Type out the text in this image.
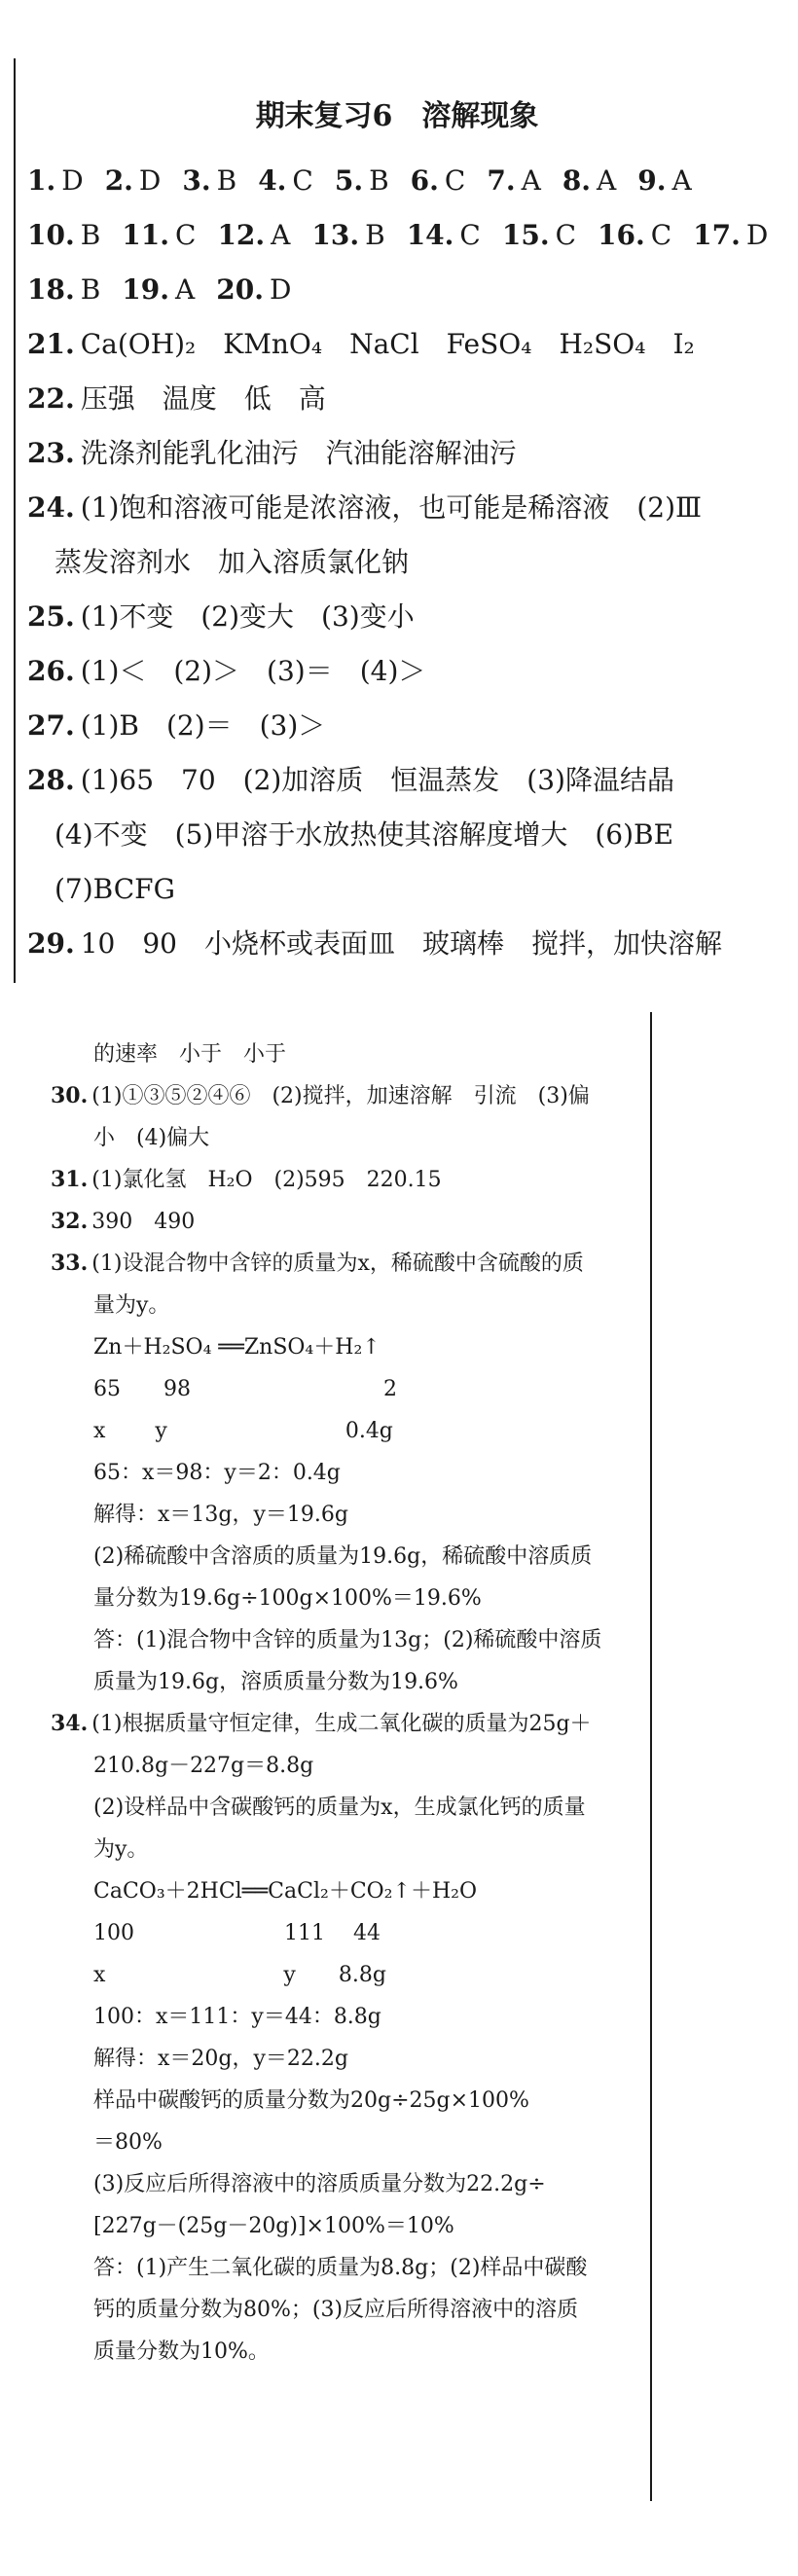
期末复习6　溶解现象
1. D 2. D 3. B 4. C 5. B 6. C 7. A 8. A 9. A
10. B 11. C 12. A 13. B 14. C 15. C 16. C 17. D
18. B 19. A 20. D
21. Ca(OH)₂　KMnO₄　NaCl　FeSO₄　H₂SO₄　I₂
22. 压强　温度　低　高
23. 洗涤剂能乳化油污　汽油能溶解油污
24. (1)饱和溶液可能是浓溶液，也可能是稀溶液　(2)Ⅲ
蒸发溶剂水　加入溶质氯化钠
25. (1)不变　(2)变大　(3)变小
26. (1)＜　(2)＞　(3)＝　(4)＞
27. (1)B　(2)＝　(3)＞
28. (1)65　70　(2)加溶质　恒温蒸发　(3)降温结晶
(4)不变　(5)甲溶于水放热使其溶解度增大　(6)BE
(7)BCFG
29. 10　90　小烧杯或表面皿　玻璃棒　搅拌，加快溶解
的速率　小于　小于
30. (1)①③⑤②④⑥　(2)搅拌，加速溶解　引流　(3)偏
小　(4)偏大
31. (1)氯化氢　H₂O　(2)595　220.15
32. 390　490
33. (1)设混合物中含锌的质量为x，稀硫酸中含硫酸的质
量为y。
Zn＋H₂SO₄ ══ZnSO₄＋H₂↑
65　　98　　　　　　　　　2
x　　 y　　　　　　　　 0.4g
65：x＝98：y＝2：0.4g
解得：x＝13g，y＝19.6g
(2)稀硫酸中含溶质的质量为19.6g，稀硫酸中溶质质
量分数为19.6g÷100g×100%＝19.6%
答：(1)混合物中含锌的质量为13g；(2)稀硫酸中溶质
质量为19.6g，溶质质量分数为19.6%
34. (1)根据质量守恒定律，生成二氧化碳的质量为25g＋
210.8g－227g＝8.8g
(2)设样品中含碳酸钙的质量为x，生成氯化钙的质量
为y。
CaCO₃＋2HCl══CaCl₂＋CO₂↑＋H₂O
100　　　　　　　111　 44
x　　　　　　　　 y　　8.8g
100：x＝111：y＝44：8.8g
解得：x＝20g，y＝22.2g
样品中碳酸钙的质量分数为20g÷25g×100%
＝80%
(3)反应后所得溶液中的溶质质量分数为22.2g÷
[227g－(25g－20g)]×100%＝10%
答：(1)产生二氧化碳的质量为8.8g；(2)样品中碳酸
钙的质量分数为80%；(3)反应后所得溶液中的溶质
质量分数为10%。
